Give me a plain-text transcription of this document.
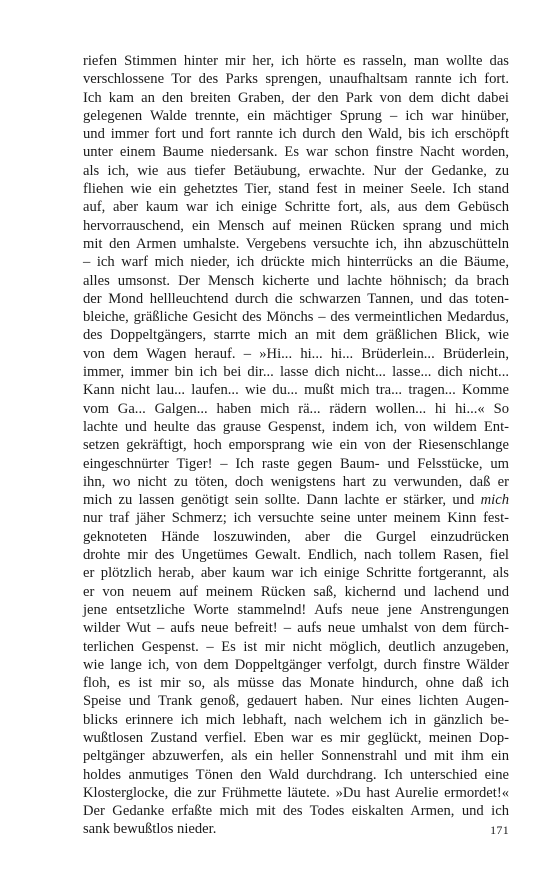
riefen Stimmen hinter mir her, ich hörte es rasseln, man wollte das
verschlossene Tor des Parks sprengen, unaufhaltsam rannte ich fort.
Ich kam an den breiten Graben, der den Park von dem dicht dabei
gelegenen Walde trennte, ein mächtiger Sprung – ich war hinüber,
und immer fort und fort rannte ich durch den Wald, bis ich erschöpft
unter einem Baume niedersank. Es war schon finstre Nacht worden,
als ich, wie aus tiefer Betäubung, erwachte. Nur der Gedanke, zu
fliehen wie ein gehetztes Tier, stand fest in meiner Seele. Ich stand
auf, aber kaum war ich einige Schritte fort, als, aus dem Gebüsch
hervorrauschend, ein Mensch auf meinen Rücken sprang und mich
mit den Armen umhalste. Vergebens versuchte ich, ihn abzuschütteln
– ich warf mich nieder, ich drückte mich hinterrücks an die Bäume,
alles umsonst. Der Mensch kicherte und lachte höhnisch; da brach
der Mond hellleuchtend durch die schwarzen Tannen, und das toten-
bleiche, gräßliche Gesicht des Mönchs – des vermeintlichen Medardus,
des Doppeltgängers, starrte mich an mit dem gräßlichen Blick, wie
von dem Wagen herauf. – »Hi... hi... hi... Brüderlein... Brüderlein,
immer, immer bin ich bei dir... lasse dich nicht... lasse... dich nicht...
Kann nicht lau... laufen... wie du... mußt mich tra... tragen... Komme
vom Ga... Galgen... haben mich rä... rädern wollen... hi hi...« So
lachte und heulte das grause Gespenst, indem ich, von wildem Ent-
setzen gekräftigt, hoch emporsprang wie ein von der Riesenschlange
eingeschnürter Tiger! – Ich raste gegen Baum- und Felsstücke, um
ihn, wo nicht zu töten, doch wenigstens hart zu verwunden, daß er
mich zu lassen genötigt sein sollte. Dann lachte er stärker, und mich
nur traf jäher Schmerz; ich versuchte seine unter meinem Kinn fest-
geknoteten Hände loszuwinden, aber die Gurgel einzudrücken
drohte mir des Ungetümes Gewalt. Endlich, nach tollem Rasen, fiel
er plötzlich herab, aber kaum war ich einige Schritte fortgerannt, als
er von neuem auf meinem Rücken saß, kichernd und lachend und
jene entsetzliche Worte stammelnd! Aufs neue jene Anstrengungen
wilder Wut – aufs neue befreit! – aufs neue umhalst von dem fürch-
terlichen Gespenst. – Es ist mir nicht möglich, deutlich anzugeben,
wie lange ich, von dem Doppeltgänger verfolgt, durch finstre Wälder
floh, es ist mir so, als müsse das Monate hindurch, ohne daß ich
Speise und Trank genoß, gedauert haben. Nur eines lichten Augen-
blicks erinnere ich mich lebhaft, nach welchem ich in gänzlich be-
wußtlosen Zustand verfiel. Eben war es mir geglückt, meinen Dop-
peltgänger abzuwerfen, als ein heller Sonnenstrahl und mit ihm ein
holdes anmutiges Tönen den Wald durchdrang. Ich unterschied eine
Klosterglocke, die zur Frühmette läutete. »Du hast Aurelie ermordet!«
Der Gedanke erfaßte mich mit des Todes eiskalten Armen, und ich
sank bewußtlos nieder.	171
